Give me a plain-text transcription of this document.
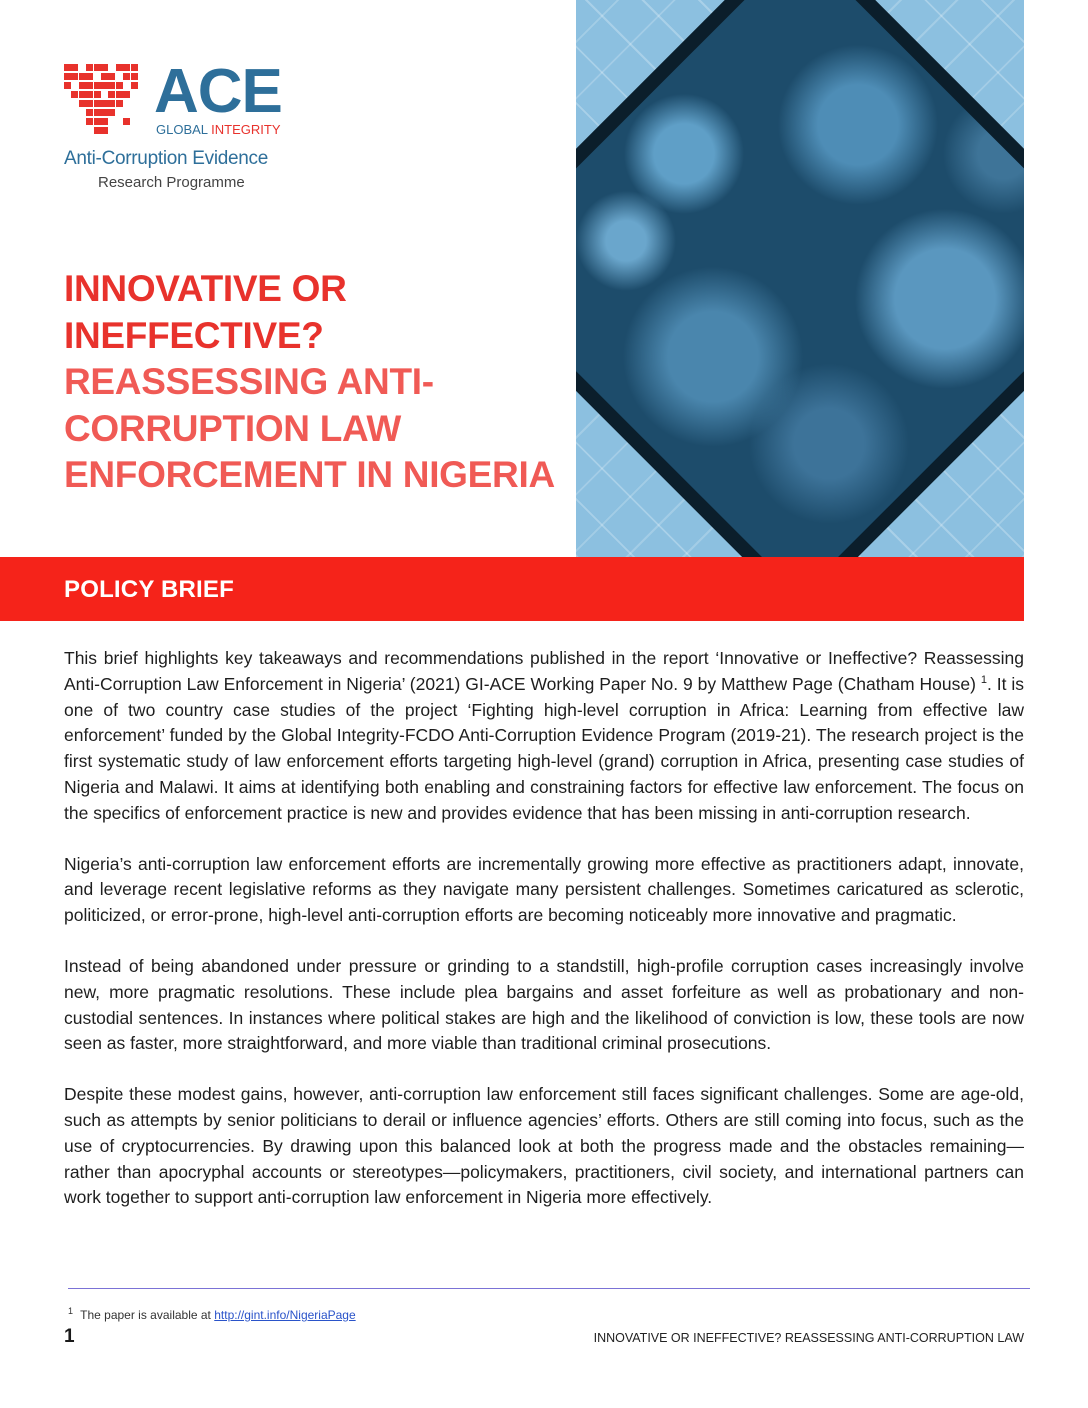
ACE
GLOBAL INTEGRITY
Anti-Corruption Evidence
Research Programme
INNOVATIVE OR INEFFECTIVE? REASSESSING ANTI-CORRUPTION LAW ENFORCEMENT IN NIGERIA
POLICY BRIEF

This brief highlights key takeaways and recommendations published in the report ‘Innovative or Ineffective? Reassessing Anti-Corruption Law Enforcement in Nigeria’ (2021) GI-ACE Working Paper No. 9 by Matthew Page (Chatham House) $^1$. It is one of two country case studies of the project ‘Fighting high-level corruption in Africa: Learning from effective law enforcement’ funded by the Global Integrity-FCDO Anti-Corruption Evidence Program (2019-21). The research project is the first systematic study of law enforcement efforts targeting high-level (grand) corruption in Africa, presenting case studies of Nigeria and Malawi. It aims at identifying both enabling and constraining factors for effective law enforcement. The focus on the specifics of enforcement practice is new and provides evidence that has been missing in anti-corruption research.

Nigeria’s anti-corruption law enforcement efforts are incrementally growing more effective as practitioners adapt, innovate, and leverage recent legislative reforms as they navigate many persistent challenges. Sometimes caricatured as sclerotic, politicized, or error-prone, high-level anti-corruption efforts are becoming noticeably more innovative and pragmatic.

Instead of being abandoned under pressure or grinding to a standstill, high-profile corruption cases increasingly involve new, more pragmatic resolutions. These include plea bargains and asset forfeiture as well as probationary and non-custodial sentences. In instances where political stakes are high and the likelihood of conviction is low, these tools are now seen as faster, more straightforward, and more viable than traditional criminal prosecutions.

Despite these modest gains, however, anti-corruption law enforcement still faces significant challenges. Some are age-old, such as attempts by senior politicians to derail or influence agencies’ efforts. Others are still coming into focus, such as the use of cryptocurrencies. By drawing upon this balanced look at both the progress made and the obstacles remaining—rather than apocryphal accounts or stereotypes—policymakers, practitioners, civil society, and international partners can work together to support anti-corruption law enforcement in Nigeria more effectively.

$^1$ The paper is available at http://gint.info/NigeriaPage
1	INNOVATIVE OR INEFFECTIVE? REASSESSING ANTI-CORRUPTION LAW
